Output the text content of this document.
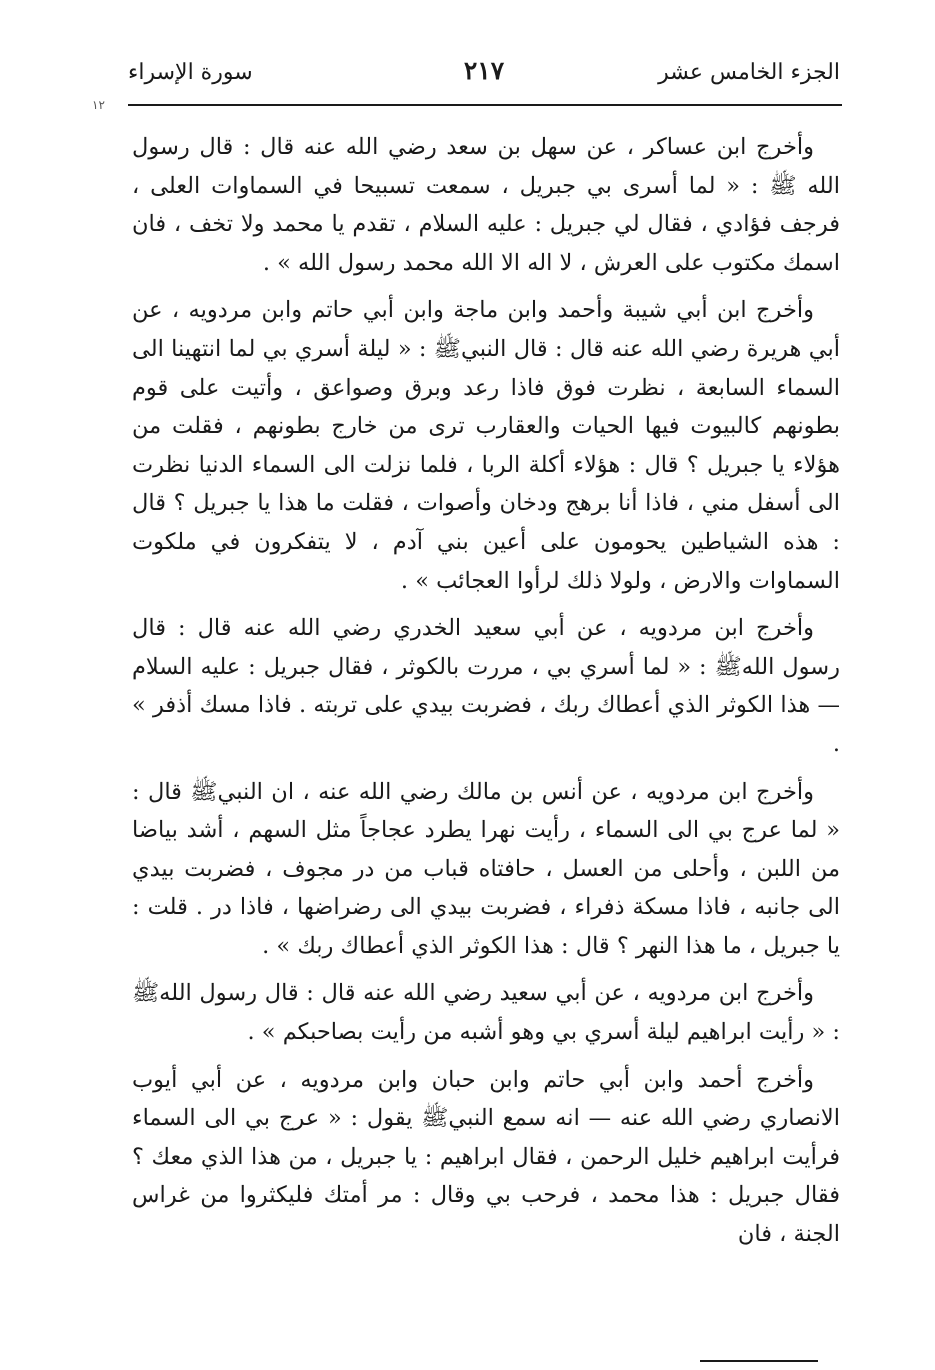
الجزء الخامس عشر
٢١٧
سورة الإسراء
۱۲

وأخرج ابن عساكر ، عن سهل بن سعد رضي الله عنه قال : قال رسول الله ﷺ : « لما أسرى بي جبريل ، سمعت تسبيحا في السماوات العلى ، فرجف فؤادي ، فقال لي جبريل : عليه السلام ، تقدم يا محمد ولا تخف ، فان اسمك مكتوب على العرش ، لا اله الا الله محمد رسول الله » .

وأخرج ابن أبي شيبة وأحمد وابن ماجة وابن أبي حاتم وابن مردويه ، عن أبي هريرة رضي الله عنه قال : قال النبيﷺ : « ليلة أسري بي لما انتهينا الى السماء السابعة ، نظرت فوق فاذا رعد وبرق وصواعق ، وأتيت على قوم بطونهم كالبيوت فيها الحيات والعقارب ترى من خارج بطونهم ، فقلت من هؤلاء يا جبريل ؟ قال : هؤلاء أكلة الربا ، فلما نزلت الى السماء الدنيا نظرت الى أسفل مني ، فاذا أنا برهج ودخان وأصوات ، فقلت ما هذا يا جبريل ؟ قال : هذه الشياطين يحومون على أعين بني آدم ، لا يتفكرون في ملكوت السماوات والارض ، ولولا ذلك لرأوا العجائب » .

وأخرج ابن مردويه ، عن أبي سعيد الخدري رضي الله عنه قال : قال رسول اللهﷺ : « لما أسري بي ، مررت بالكوثر ، فقال جبريل : عليه السلام — هذا الكوثر الذي أعطاك ربك ، فضربت بيدي على تربته . فاذا مسك أذفر » .

وأخرج ابن مردويه ، عن أنس بن مالك رضي الله عنه ، ان النبيﷺ قال : « لما عرج بي الى السماء ، رأيت نهرا يطرد عجاجاً مثل السهم ، أشد بياضا من اللبن ، وأحلى من العسل ، حافتاه قباب من در مجوف ، فضربت بيدي الى جانبه ، فاذا مسكة ذفراء ، فضربت بيدي الى رضراضها ، فاذا در . قلت : يا جبريل ، ما هذا النهر ؟ قال : هذا الكوثر الذي أعطاك ربك » .

وأخرج ابن مردويه ، عن أبي سعيد رضي الله عنه قال : قال رسول اللهﷺ : « رأيت ابراهيم ليلة أسري بي وهو أشبه من رأيت بصاحبكم » .

وأخرج أحمد وابن أبي حاتم وابن حبان وابن مردويه ، عن أبي أيوب الانصاري رضي الله عنه — انه سمع النبيﷺ يقول : « عرج بي الى السماء فرأيت ابراهيم خليل الرحمن ، فقال ابراهيم : يا جبريل ، من هذا الذي معك ؟ فقال جبريل : هذا محمد ، فرحب بي وقال : مر أمتك فليكثروا من غراس الجنة ، فان
